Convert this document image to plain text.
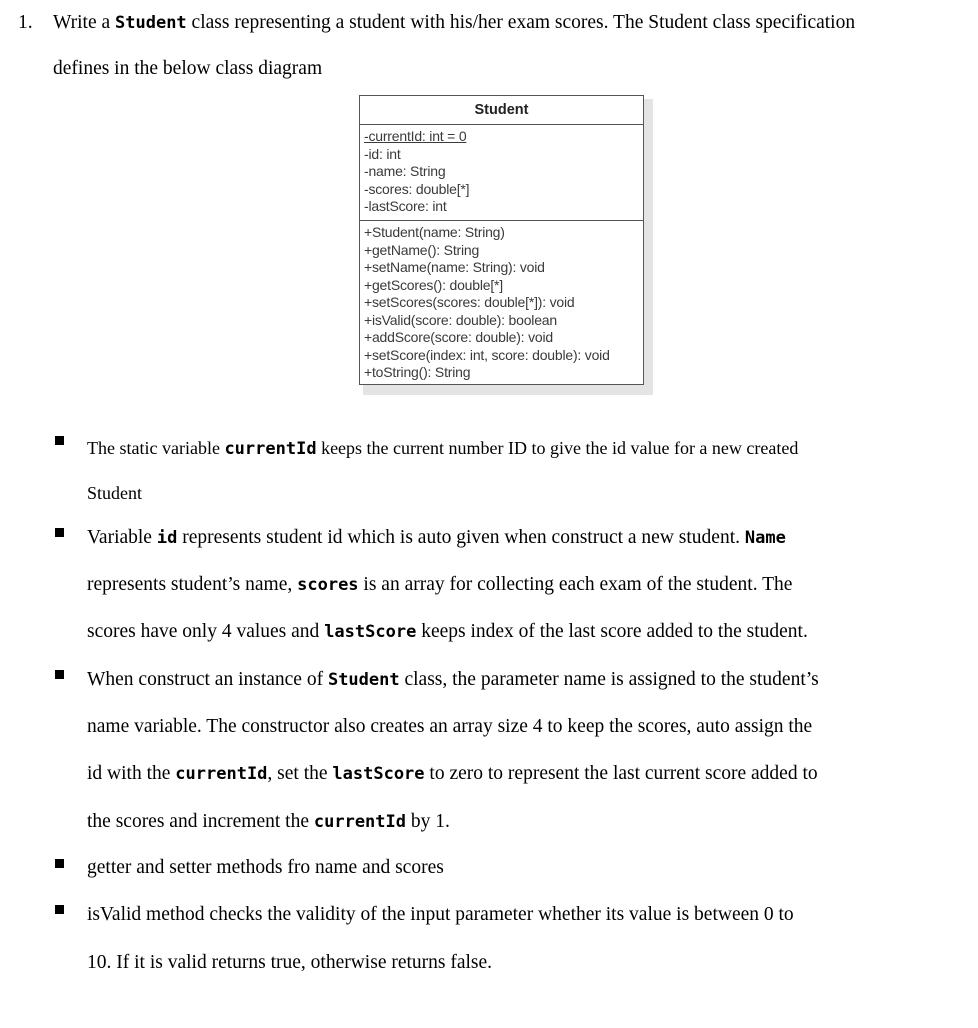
1. Write a Student class representing a student with his/her exam scores. The Student class specification
defines in the below class diagram
Student
-currentId: int = 0
-id: int
-name: String
-scores: double[*]
-lastScore: int
+Student(name: String)
+getName(): String
+setName(name: String): void
+getScores(): double[*]
+setScores(scores: double[*]): void
+isValid(score: double): boolean
+addScore(score: double): void
+setScore(index: int, score: double): void
+toString(): String
The static variable currentId keeps the current number ID to give the id value for a new created
Student
Variable id represents student id which is auto given when construct a new student. Name
represents student’s name, scores is an array for collecting each exam of the student. The
scores have only 4 values and lastScore keeps index of the last score added to the student.
When construct an instance of Student class, the parameter name is assigned to the student’s
name variable. The constructor also creates an array size 4 to keep the scores, auto assign the
id with the currentId, set the lastScore to zero to represent the last current score added to
the scores and increment the currentId by 1.
getter and setter methods fro name and scores
isValid method checks the validity of the input parameter whether its value is between 0 to
10. If it is valid returns true, otherwise returns false.
